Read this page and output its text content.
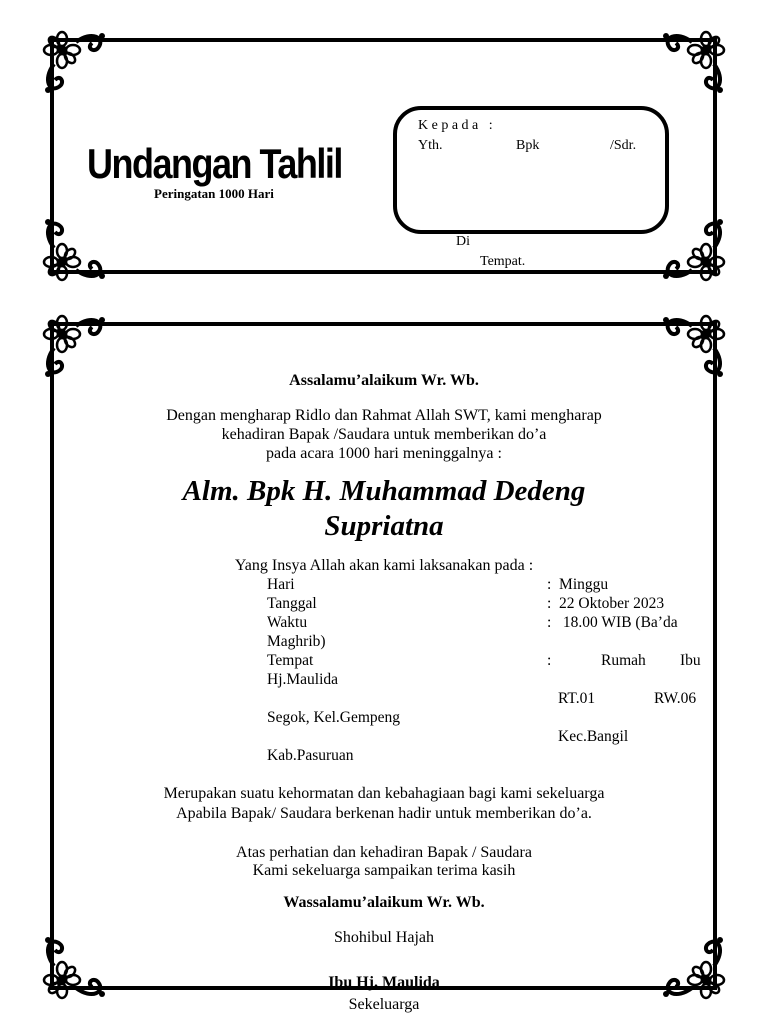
Undangan Tahlil
Peringatan 1000 Hari
K e p a d a   :
Yth.	Bpk	/Sdr.
Di
Tempat.
Assalamu’alaikum Wr. Wb.
Dengan mengharap Ridlo dan Rahmat Allah SWT, kami mengharap
kehadiran Bapak /Saudara untuk memberikan do’a
pada acara 1000 hari meninggalnya :
Alm. Bpk H. Muhammad Dedeng
Supriatna
Yang Insya Allah akan kami laksanakan pada :
Hari	:  Minggu
Tanggal	:  22 Oktober 2023
Waktu	:   18.00 WIB (Ba’da
Maghrib)
Tempat	:	Rumah Ibu
Hj.Maulida
RT.01	RW.06
Segok, Kel.Gempeng
Kec.Bangil
Kab.Pasuruan
Merupakan suatu kehormatan dan kebahagiaan bagi kami sekeluarga
Apabila Bapak/ Saudara berkenan hadir untuk memberikan do’a.
Atas perhatian dan kehadiran Bapak / Saudara
Kami sekeluarga sampaikan terima kasih
Wassalamu’alaikum Wr. Wb.
Shohibul Hajah
Ibu Hj. Maulida
Sekeluarga
